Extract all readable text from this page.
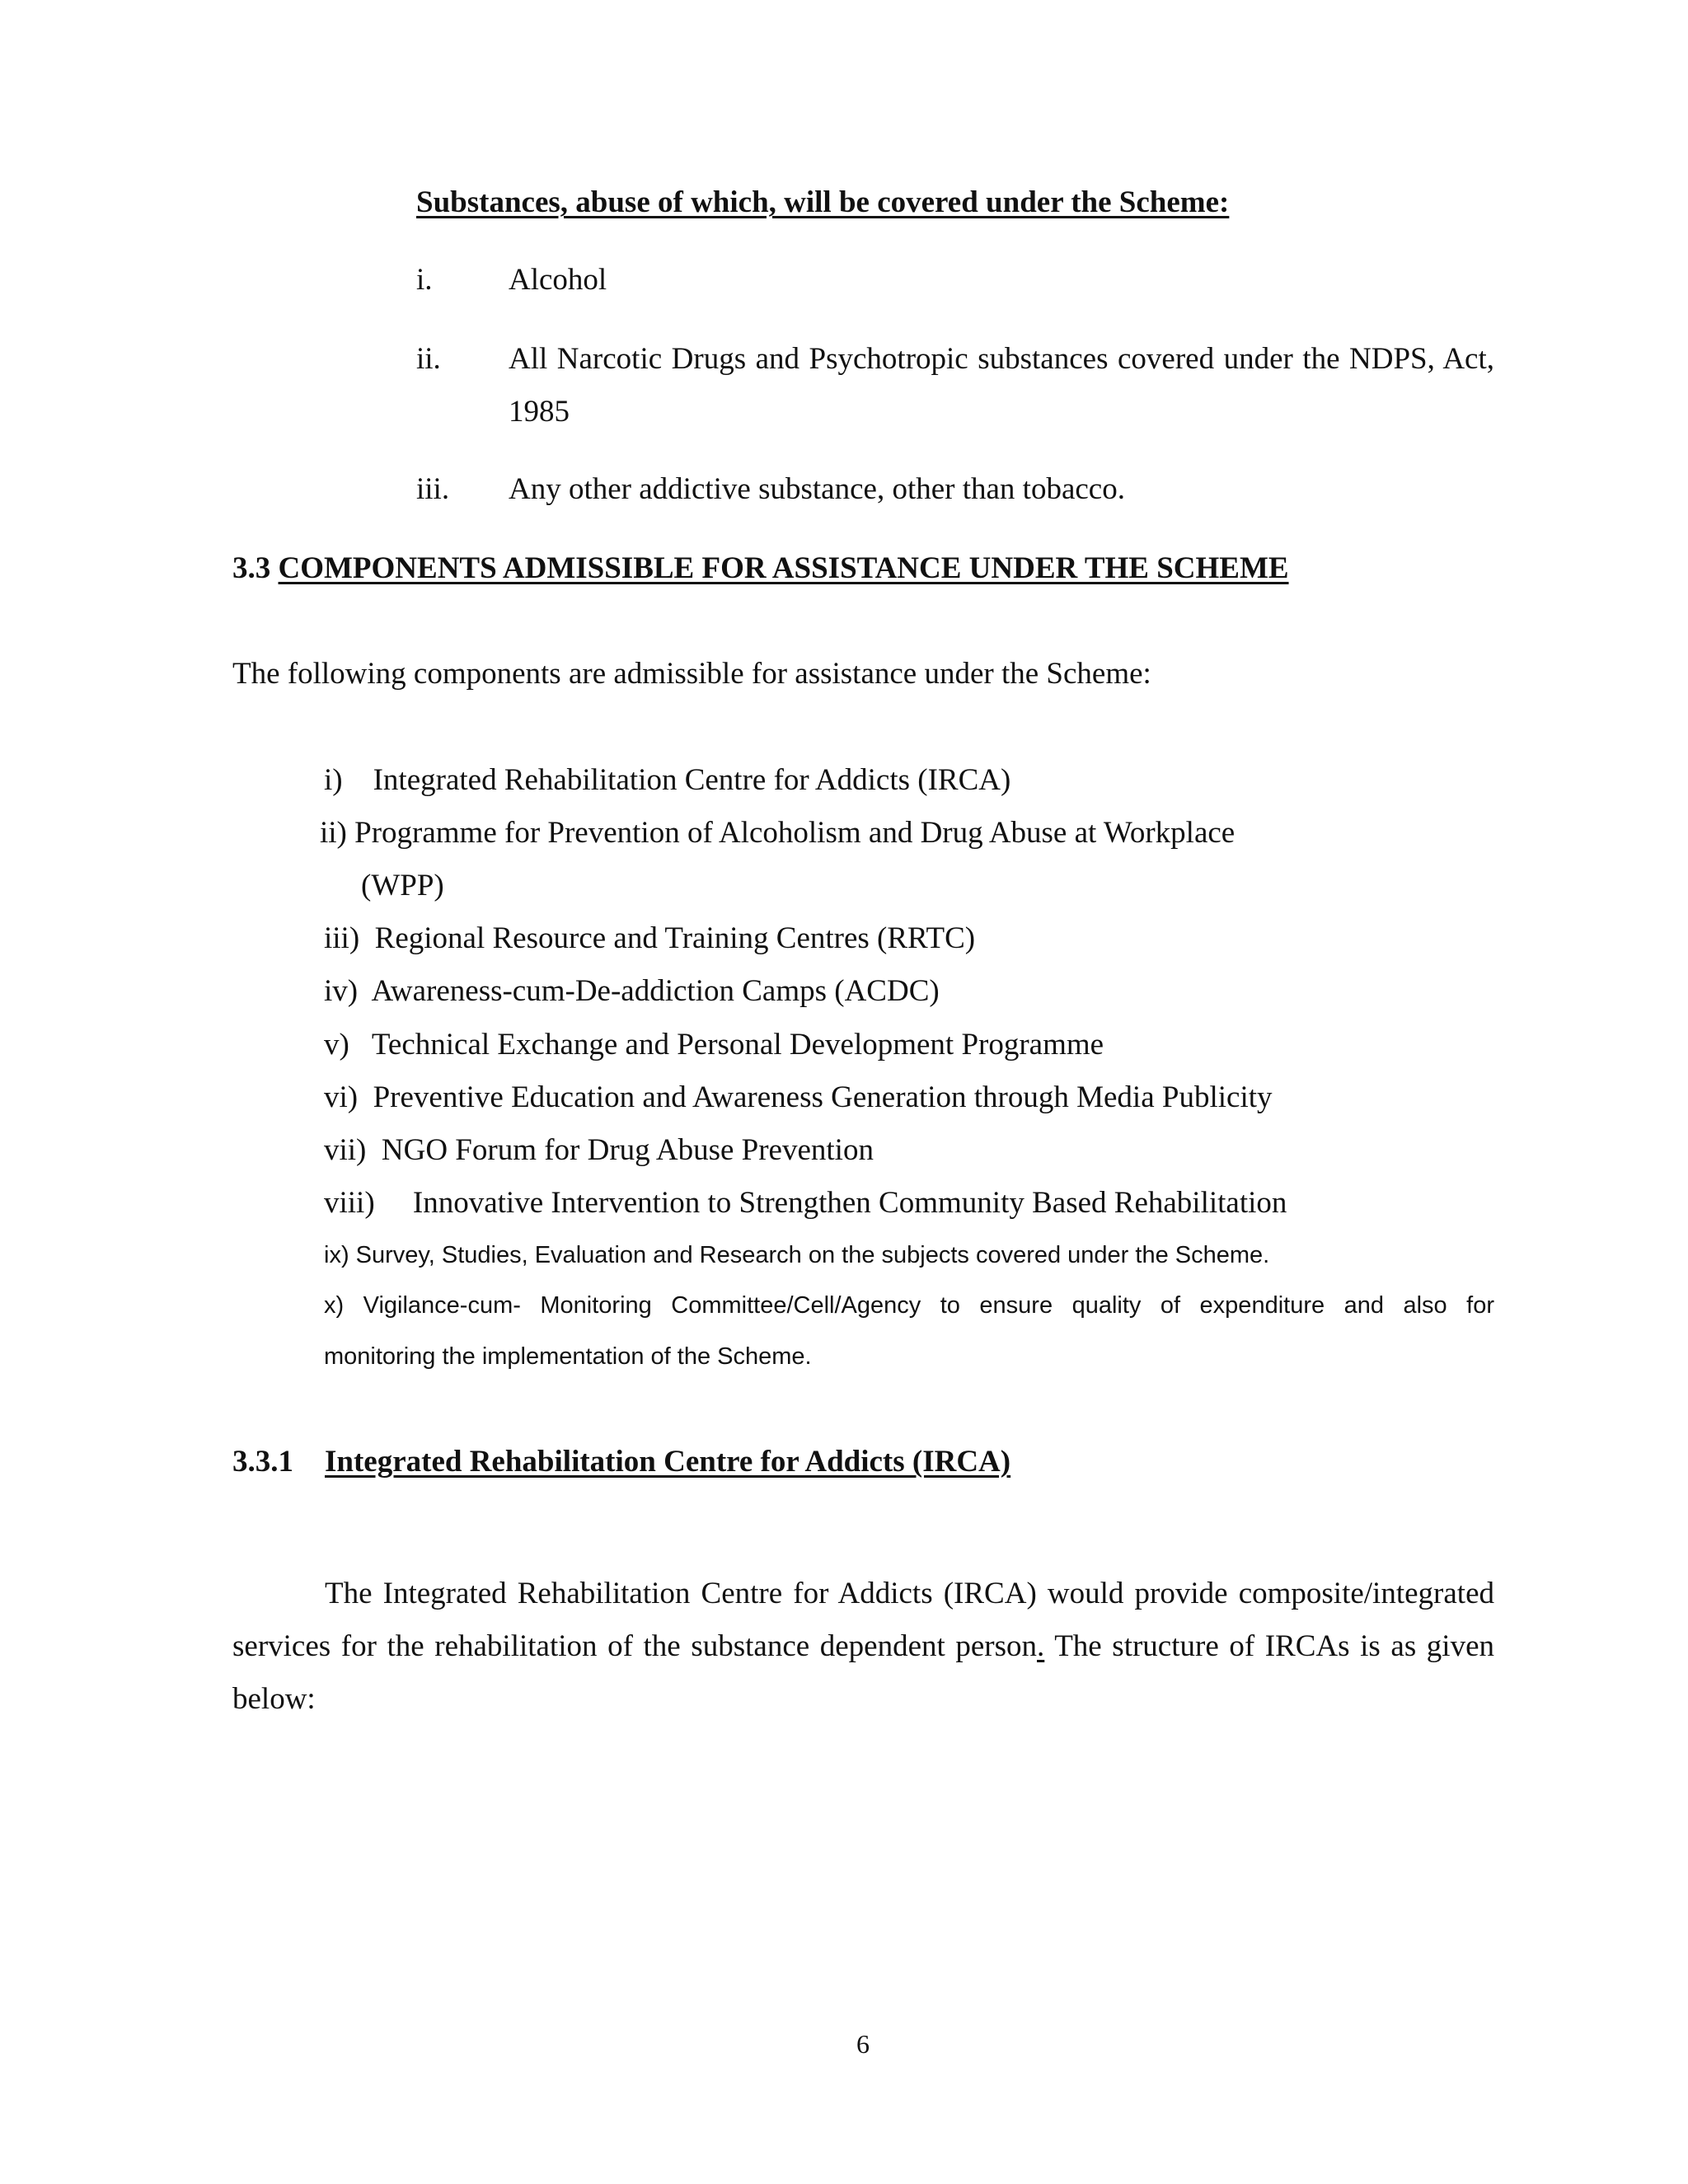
Substances, abuse of which, will be covered under the Scheme:
i. Alcohol
ii. All Narcotic Drugs and Psychotropic substances covered under the NDPS, Act,
1985
iii. Any other addictive substance, other than tobacco.
3.3 COMPONENTS ADMISSIBLE FOR ASSISTANCE UNDER THE SCHEME
The following components are admissible for assistance under the Scheme:
i)    Integrated Rehabilitation Centre for Addicts (IRCA)
ii) Programme for Prevention of Alcoholism and Drug Abuse at Workplace
(WPP)
iii)  Regional Resource and Training Centres (RRTC)
iv)  Awareness-cum-De-addiction Camps (ACDC)
v)   Technical Exchange and Personal Development Programme
vi)  Preventive Education and Awareness Generation through Media Publicity
vii)  NGO Forum for Drug Abuse Prevention
viii)     Innovative Intervention to Strengthen Community Based Rehabilitation
ix) Survey, Studies, Evaluation and Research on the subjects covered under the Scheme.
x) Vigilance-cum- Monitoring Committee/Cell/Agency to ensure quality of expenditure and also for
monitoring the implementation of the Scheme.
3.3.1 Integrated Rehabilitation Centre for Addicts (IRCA)
The Integrated Rehabilitation Centre for Addicts (IRCA) would provide composite/integrated
services for the rehabilitation of the substance dependent person. The structure of IRCAs is as given
below:
6
